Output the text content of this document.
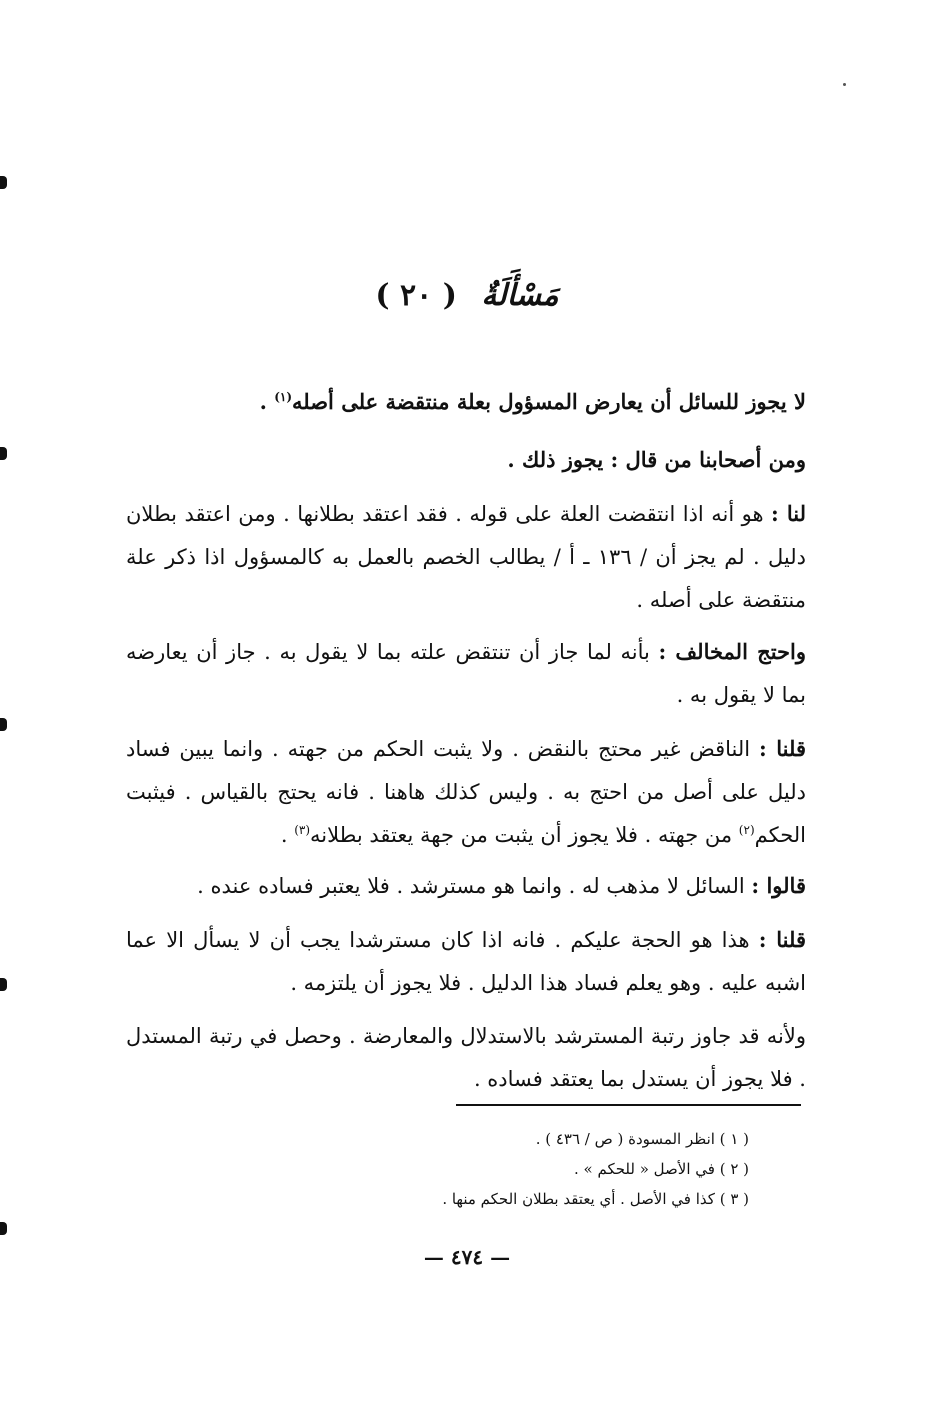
مَسْأَلَةٌ ( ٢٠ )
لا يجوز للسائل أن يعارض المسؤول بعلة منتقضة على أصله$^{(١)}$ .
ومن أصحابنا من قال : يجوز ذلك .
لنا : هو أنه اذا انتقضت العلة على قوله . فقد اعتقد بطلانها . ومن اعتقد بطلان دليل . لم يجز أن / ١٣٦ ـ أ / يطالب الخصم بالعمل به كالمسؤول اذا ذكر علة منتقضة على أصله .
واحتج المخالف : بأنه لما جاز أن تنتقض علته بما لا يقول به . جاز أن يعارضه بما لا يقول به .
قلنا : الناقض غير محتج بالنقض . ولا يثبت الحكم من جهته . وانما يبين فساد دليل على أصل من احتج به . وليس كذلك هاهنا . فانه يحتج بالقياس . فيثبت الحكم$^{(٢)}$ من جهته . فلا يجوز أن يثبت من جهة يعتقد بطلانه$^{(٣)}$ .
قالوا : السائل لا مذهب له . وانما هو مسترشد . فلا يعتبر فساده عنده .
قلنا : هذا هو الحجة عليكم . فانه اذا كان مسترشدا يجب أن لا يسأل الا عما اشبه عليه . وهو يعلم فساد هذا الدليل . فلا يجوز أن يلتزمه .
ولأنه قد جاوز رتبة المسترشد بالاستدلال والمعارضة . وحصل في رتبة المستدل . فلا يجوز أن يستدل بما يعتقد فساده .
( ١ ) انظر المسودة ( ص / ٤٣٦ ) .
( ٢ ) في الأصل « للحكم » .
( ٣ ) كذا في الأصل . أي يعتقد بطلان الحكم منها .
— ٤٧٤ —
